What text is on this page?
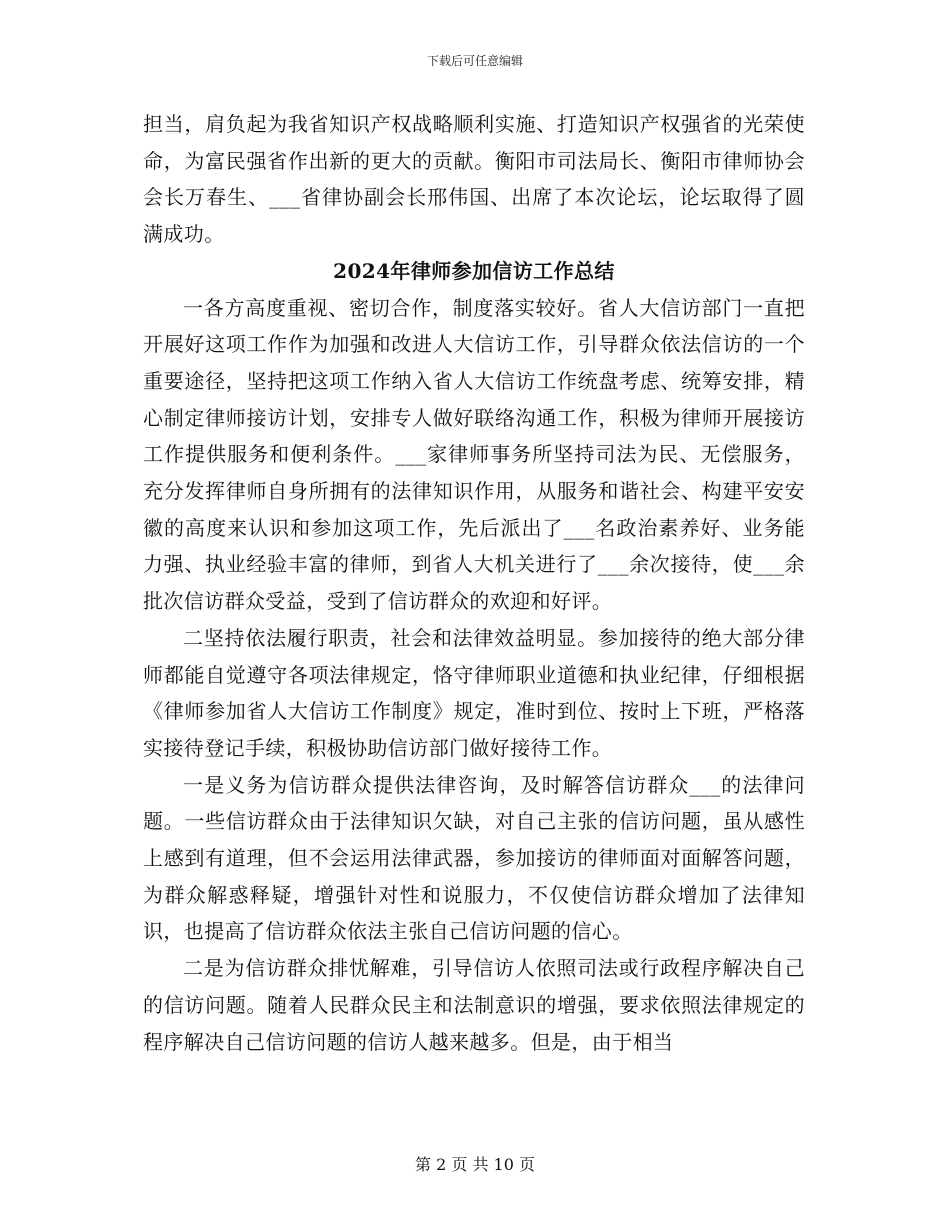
下载后可任意编辑

担当，肩负起为我省知识产权战略顺利实施、打造知识产权强省的光荣使命，为富民强省作出新的更大的贡献。衡阳市司法局长、衡阳市律师协会会长万春生、___省律协副会长邢伟国、出席了本次论坛，论坛取得了圆满成功。

2024年律师参加信访工作总结

一各方高度重视、密切合作，制度落实较好。省人大信访部门一直把开展好这项工作作为加强和改进人大信访工作，引导群众依法信访的一个重要途径，坚持把这项工作纳入省人大信访工作统盘考虑、统筹安排，精心制定律师接访计划，安排专人做好联络沟通工作，积极为律师开展接访工作提供服务和便利条件。___家律师事务所坚持司法为民、无偿服务，充分发挥律师自身所拥有的法律知识作用，从服务和谐社会、构建平安安徽的高度来认识和参加这项工作，先后派出了___名政治素养好、业务能力强、执业经验丰富的律师，到省人大机关进行了___余次接待，使___余批次信访群众受益，受到了信访群众的欢迎和好评。

二坚持依法履行职责，社会和法律效益明显。参加接待的绝大部分律师都能自觉遵守各项法律规定，恪守律师职业道德和执业纪律，仔细根据《律师参加省人大信访工作制度》规定，准时到位、按时上下班，严格落实接待登记手续，积极协助信访部门做好接待工作。

一是义务为信访群众提供法律咨询，及时解答信访群众___的法律问题。一些信访群众由于法律知识欠缺，对自己主张的信访问题，虽从感性上感到有道理，但不会运用法律武器，参加接访的律师面对面解答问题，为群众解惑释疑，增强针对性和说服力，不仅使信访群众增加了法律知识，也提高了信访群众依法主张自己信访问题的信心。

二是为信访群众排忧解难，引导信访人依照司法或行政程序解决自己的信访问题。随着人民群众民主和法制意识的增强，要求依照法律规定的程序解决自己信访问题的信访人越来越多。但是，由于相当

第 2 页 共 10 页
